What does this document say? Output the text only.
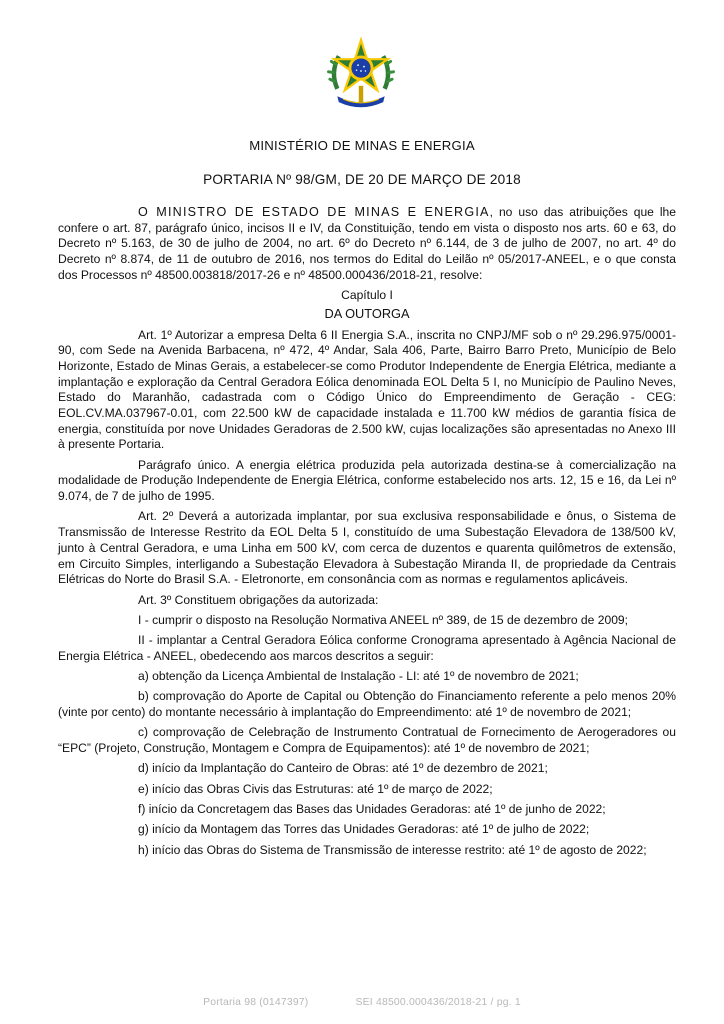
MINISTÉRIO DE MINAS E ENERGIA
PORTARIA Nº 98/GM, DE 20 DE MARÇO DE 2018

O MINISTRO DE ESTADO DE MINAS E ENERGIA, no uso das atribuições que lhe confere o art. 87, parágrafo único, incisos II e IV, da Constituição, tendo em vista o disposto nos arts. 60 e 63, do Decreto nº 5.163, de 30 de julho de 2004, no art. 6º do Decreto nº 6.144, de 3 de julho de 2007, no art. 4º do Decreto nº 8.874, de 11 de outubro de 2016, nos termos do Edital do Leilão nº 05/2017-ANEEL, e o que consta dos Processos nº 48500.003818/2017-26 e nº 48500.000436/2018-21, resolve:

Capítulo I

DA OUTORGA

Art. 1º Autorizar a empresa Delta 6 II Energia S.A., inscrita no CNPJ/MF sob o nº 29.296.975/0001-90, com Sede na Avenida Barbacena, nº 472, 4º Andar, Sala 406, Parte, Bairro Barro Preto, Município de Belo Horizonte, Estado de Minas Gerais, a estabelecer-se como Produtor Independente de Energia Elétrica, mediante a implantação e exploração da Central Geradora Eólica denominada EOL Delta 5 I, no Município de Paulino Neves, Estado do Maranhão, cadastrada com o Código Único do Empreendimento de Geração - CEG: EOL.CV.MA.037967-0.01, com 22.500 kW de capacidade instalada e 11.700 kW médios de garantia física de energia, constituída por nove Unidades Geradoras de 2.500 kW, cujas localizações são apresentadas no Anexo III à presente Portaria.

Parágrafo único. A energia elétrica produzida pela autorizada destina-se à comercialização na modalidade de Produção Independente de Energia Elétrica, conforme estabelecido nos arts. 12, 15 e 16, da Lei nº 9.074, de 7 de julho de 1995.

Art. 2º Deverá a autorizada implantar, por sua exclusiva responsabilidade e ônus, o Sistema de Transmissão de Interesse Restrito da EOL Delta 5 I, constituído de uma Subestação Elevadora de 138/500 kV, junto à Central Geradora, e uma Linha em 500 kV, com cerca de duzentos e quarenta quilômetros de extensão, em Circuito Simples, interligando a Subestação Elevadora à Subestação Miranda II, de propriedade da Centrais Elétricas do Norte do Brasil S.A. - Eletronorte, em consonância com as normas e regulamentos aplicáveis.

Art. 3º Constituem obrigações da autorizada:

I - cumprir o disposto na Resolução Normativa ANEEL nº 389, de 15 de dezembro de 2009;

II - implantar a Central Geradora Eólica conforme Cronograma apresentado à Agência Nacional de Energia Elétrica - ANEEL, obedecendo aos marcos descritos a seguir:

a) obtenção da Licença Ambiental de Instalação - LI: até 1º de novembro de 2021;

b) comprovação do Aporte de Capital ou Obtenção do Financiamento referente a pelo menos 20% (vinte por cento) do montante necessário à implantação do Empreendimento: até 1º de novembro de 2021;

c) comprovação de Celebração de Instrumento Contratual de Fornecimento de Aerogeradores ou “EPC” (Projeto, Construção, Montagem e Compra de Equipamentos): até 1º de novembro de 2021;

d) início da Implantação do Canteiro de Obras: até 1º de dezembro de 2021;

e) início das Obras Civis das Estruturas: até 1º de março de 2022;

f) início da Concretagem das Bases das Unidades Geradoras: até 1º de junho de 2022;

g) início da Montagem das Torres das Unidades Geradoras: até 1º de julho de 2022;

h) início das Obras do Sistema de Transmissão de interesse restrito: até 1º de agosto de 2022;

Portaria 98 (0147397)	SEI 48500.000436/2018-21 / pg. 1
